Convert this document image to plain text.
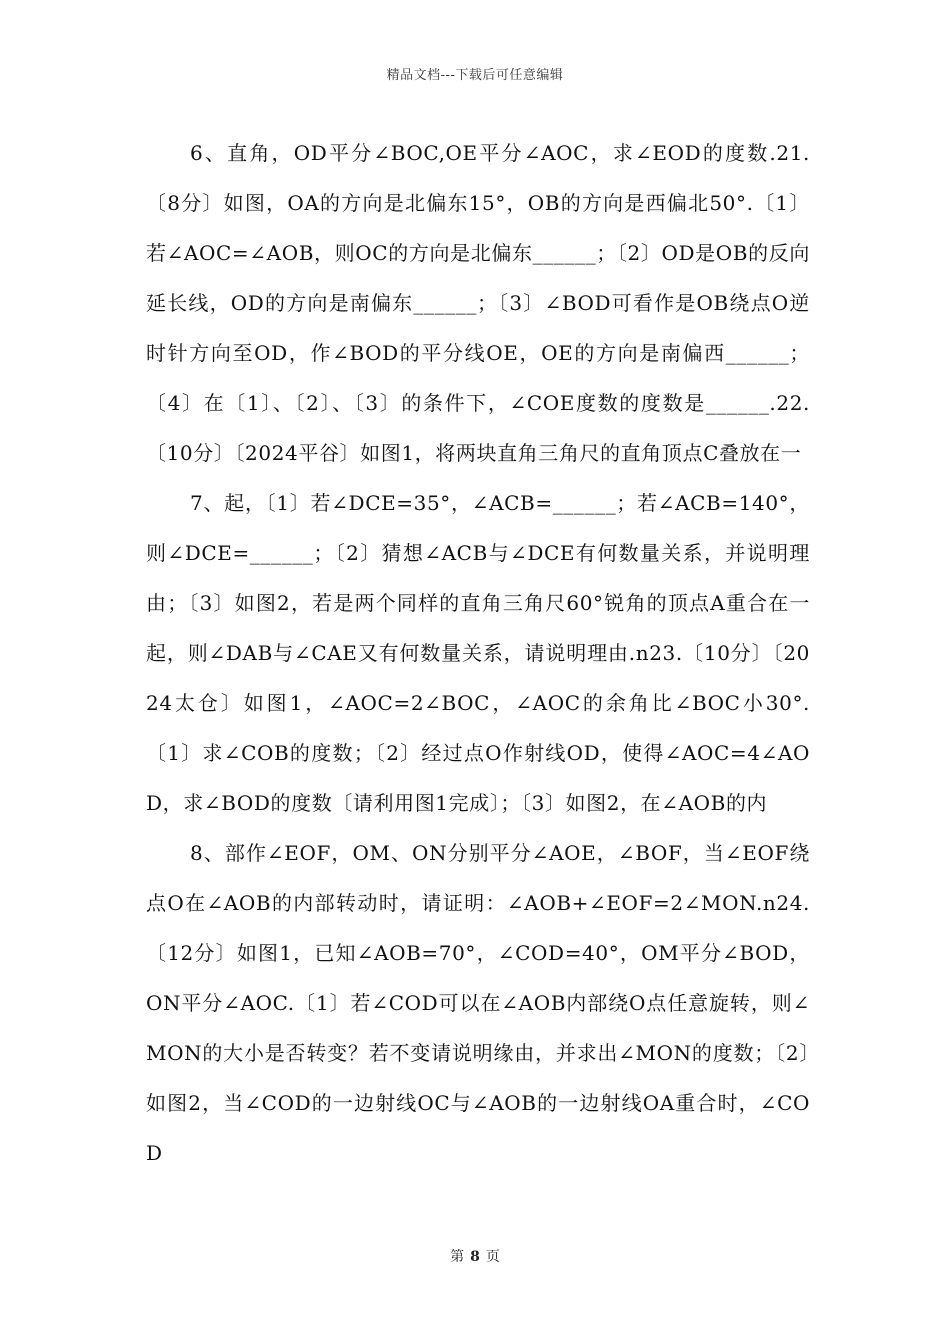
精品文档---下载后可任意编辑

6、直角，OD平分∠BOC,OE平分∠AOC，求∠EOD的度数.21.〔8分〕如图，OA的方向是北偏东15°，OB的方向是西偏北50°.〔1〕若∠AOC=∠AOB，则OC的方向是北偏东______；〔2〕OD是OB的反向延长线，OD的方向是南偏东______；〔3〕∠BOD可看作是OB绕点O逆时针方向至OD，作∠BOD的平分线OE，OE的方向是南偏西______；〔4〕在〔1〕、〔2〕、〔3〕的条件下，∠COE度数的度数是______.22.〔10分〕〔2024平谷〕如图1，将两块直角三角尺的直角顶点C叠放在一

7、起，〔1〕若∠DCE=35°，∠ACB=______；若∠ACB=140°，则∠DCE=______；〔2〕猜想∠ACB与∠DCE有何数量关系，并说明理由；〔3〕如图2，若是两个同样的直角三角尺60°锐角的顶点A重合在一起，则∠DAB与∠CAE又有何数量关系，请说明理由.n23.〔10分〕〔2024太仓〕如图1，∠AOC=2∠BOC，∠AOC的余角比∠BOC小30°.〔1〕求∠COB的度数；〔2〕经过点O作射线OD，使得∠AOC=4∠AOD，求∠BOD的度数〔请利用图1完成〕；〔3〕如图2，在∠AOB的内

8、部作∠EOF，OM、ON分别平分∠AOE，∠BOF，当∠EOF绕点O在∠AOB的内部转动时，请证明：∠AOB+∠EOF=2∠MON.n24.〔12分〕如图1，已知∠AOB=70°，∠COD=40°，OM平分∠BOD，ON平分∠AOC.〔1〕若∠COD可以在∠AOB内部绕O点任意旋转，则∠MON的大小是否转变？若不变请说明缘由，并求出∠MON的度数；〔2〕如图2，当∠COD的一边射线OC与∠AOB的一边射线OA重合时，∠COD

第 8 页
